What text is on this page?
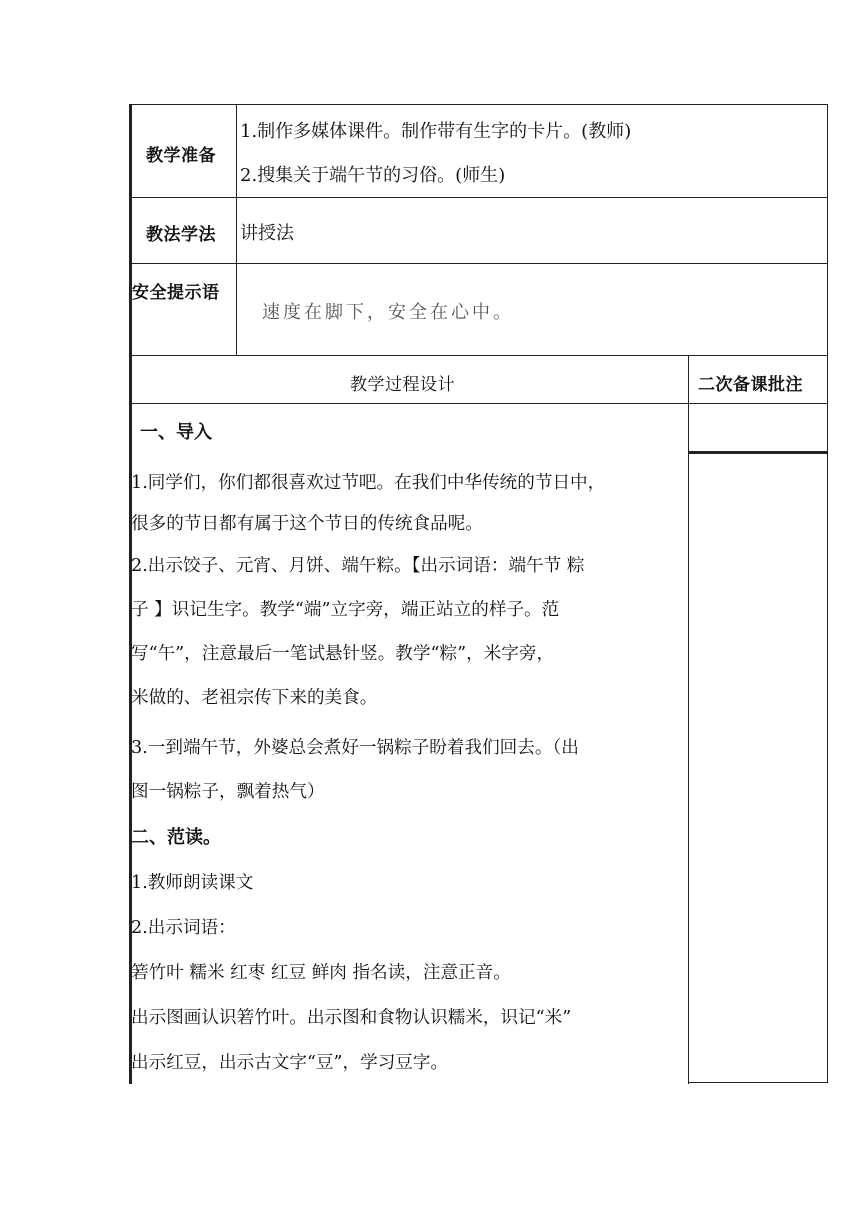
教学准备
1.制作多媒体课件。制作带有生字的卡片。(教师)
2.搜集关于端午节的习俗。(师生)
教法学法 讲授法
安全提示语
速度在脚下，安全在心中。
教学过程设计	二次备课批注
一、导入
1.同学们，你们都很喜欢过节吧。在我们中华传统的节日中，
很多的节日都有属于这个节日的传统食品呢。
2.出示饺子、元宵、月饼、端午粽。【出示词语：端午节 粽
子 】识记生字。教学“端”立字旁，端正站立的样子。范
写“午”，注意最后一笔试悬针竖。教学“粽”，米字旁，
米做的、老祖宗传下来的美食。
3.一到端午节，外婆总会煮好一锅粽子盼着我们回去。（出
图一锅粽子，飘着热气）
二、范读。
1.教师朗读课文
2.出示词语：
箬竹叶 糯米 红枣 红豆 鲜肉 指名读，注意正音。
出示图画认识箬竹叶。出示图和食物认识糯米，识记“米”
出示红豆，出示古文字“豆”，学习豆字。
